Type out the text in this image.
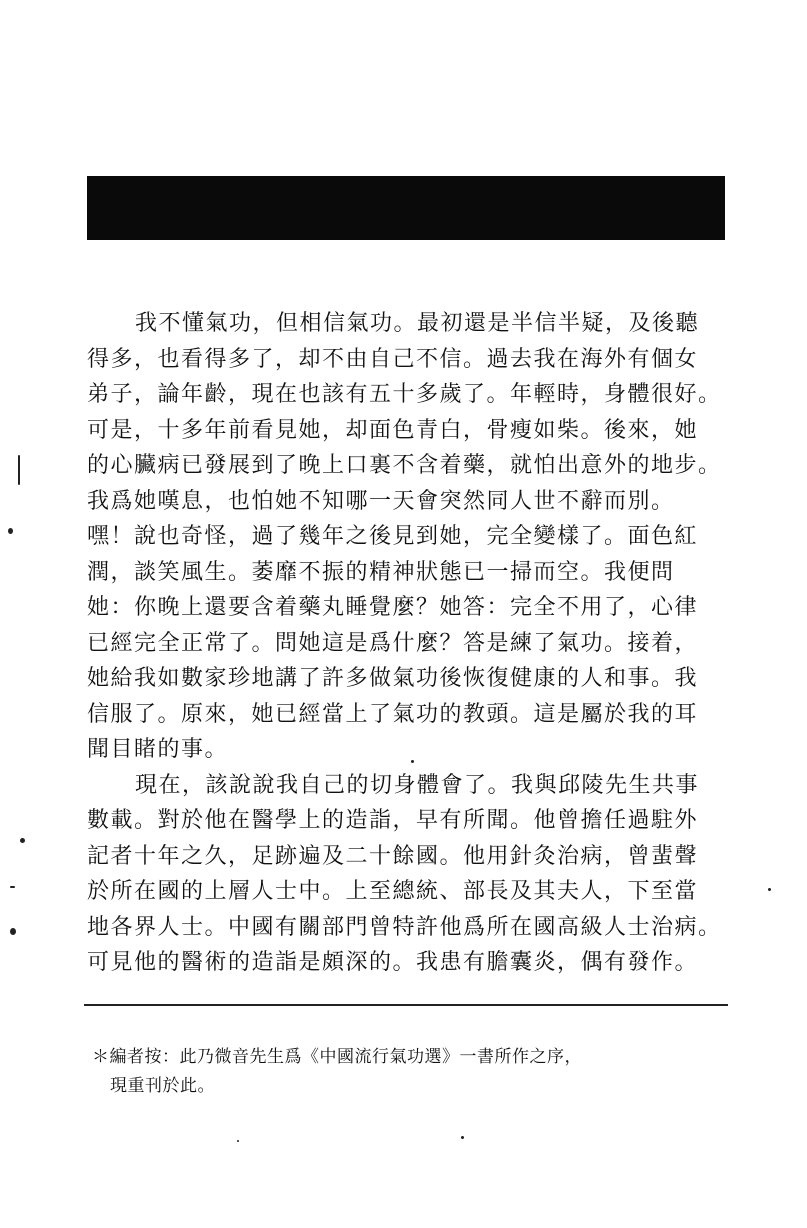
我不懂氣功，但相信氣功。最初還是半信半疑，及後聽
得多，也看得多了，却不由自己不信。過去我在海外有個女
弟子，論年齡，現在也該有五十多歲了。年輕時，身體很好。
可是，十多年前看見她，却面色青白，骨瘦如柴。後來，她
的心臟病已發展到了晚上口裏不含着藥，就怕出意外的地步。
我爲她嘆息，也怕她不知哪一天會突然同人世不辭而別。
嘿！說也奇怪，過了幾年之後見到她，完全變樣了。面色紅
潤，談笑風生。萎靡不振的精神狀態已一掃而空。我便問
她：你晚上還要含着藥丸睡覺麼？她答：完全不用了，心律
已經完全正常了。問她這是爲什麼？答是練了氣功。接着，
她給我如數家珍地講了許多做氣功後恢復健康的人和事。我
信服了。原來，她已經當上了氣功的教頭。這是屬於我的耳
聞目睹的事。
現在，該說說我自己的切身體會了。我與邱陵先生共事
數載。對於他在醫學上的造詣，早有所聞。他曾擔任過駐外
記者十年之久，足跡遍及二十餘國。他用針灸治病，曾蜚聲
於所在國的上層人士中。上至總統、部長及其夫人，下至當
地各界人士。中國有關部門曾特許他爲所在國高級人士治病。
可見他的醫術的造詣是頗深的。我患有膽囊炎，偶有發作。
＊編者按：此乃微音先生爲《中國流行氣功選》一書所作之序，
現重刊於此。
